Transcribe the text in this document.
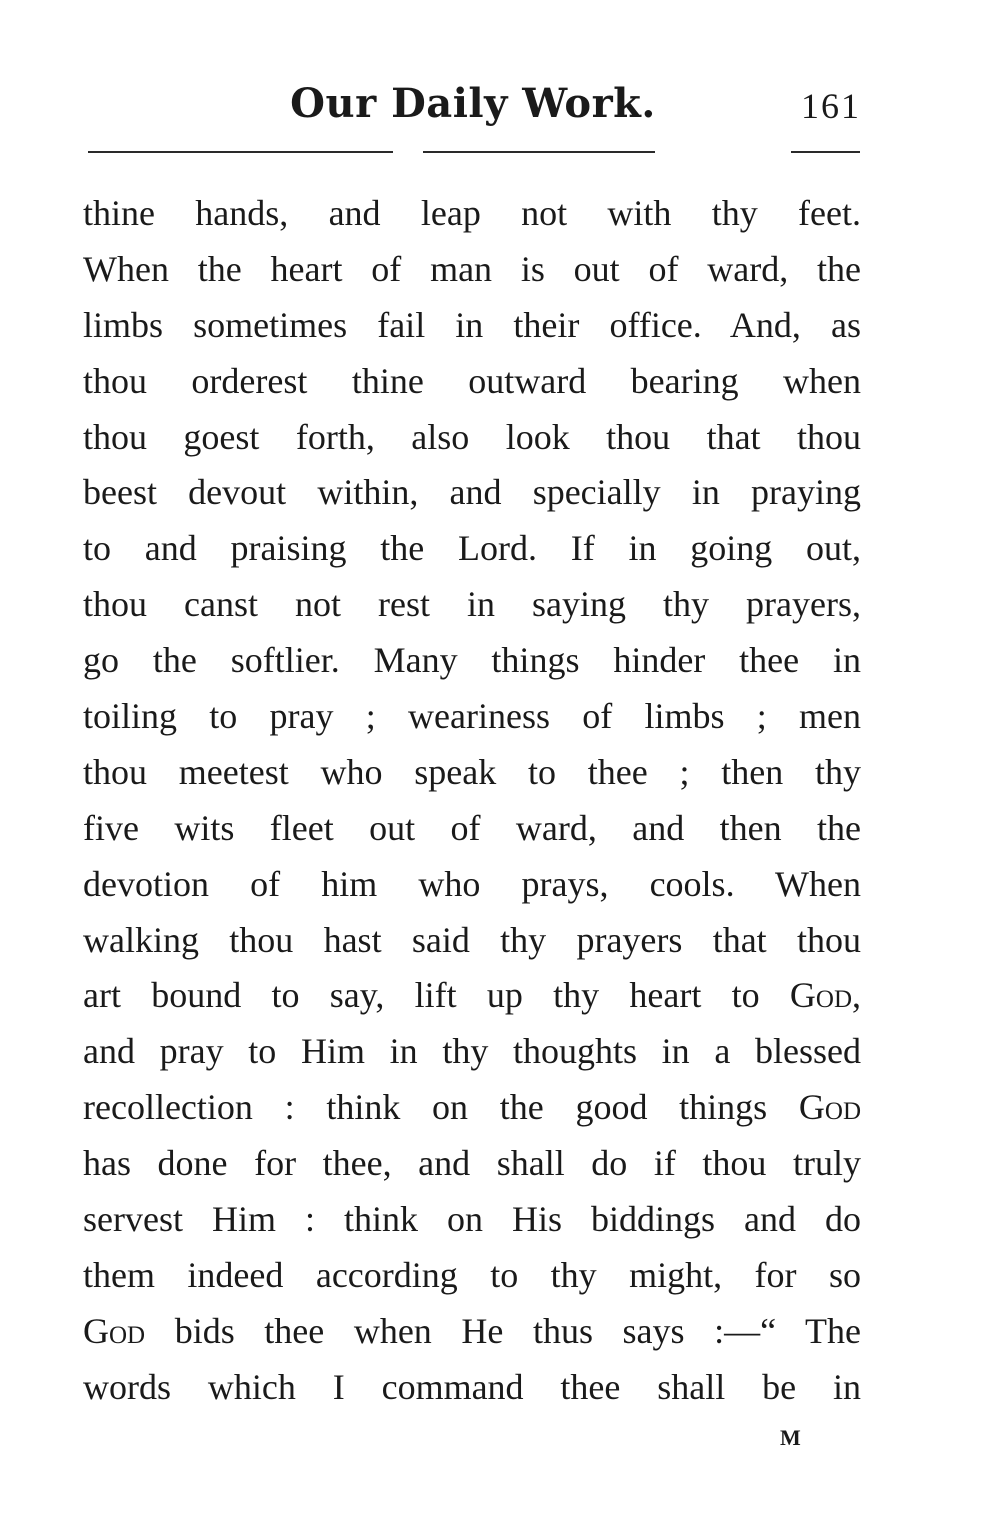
Our Daily Work.	161
thine hands, and leap not with thy feet.
When the heart of man is out of ward, the
limbs sometimes fail in their office. And, as
thou orderest thine outward bearing when
thou goest forth, also look thou that thou
beest devout within, and specially in praying
to and praising the Lord. If in going out,
thou canst not rest in saying thy prayers,
go the softlier. Many things hinder thee in
toiling to pray ; weariness of limbs ; men
thou meetest who speak to thee ; then thy
five wits fleet out of ward, and then the
devotion of him who prays, cools. When
walking thou hast said thy prayers that thou
art bound to say, lift up thy heart to God,
and pray to Him in thy thoughts in a blessed
recollection : think on the good things God
has done for thee, and shall do if thou truly
servest Him : think on His biddings and do
them indeed according to thy might, for so
God bids thee when He thus says :—“ The
words which I command thee shall be in
M
